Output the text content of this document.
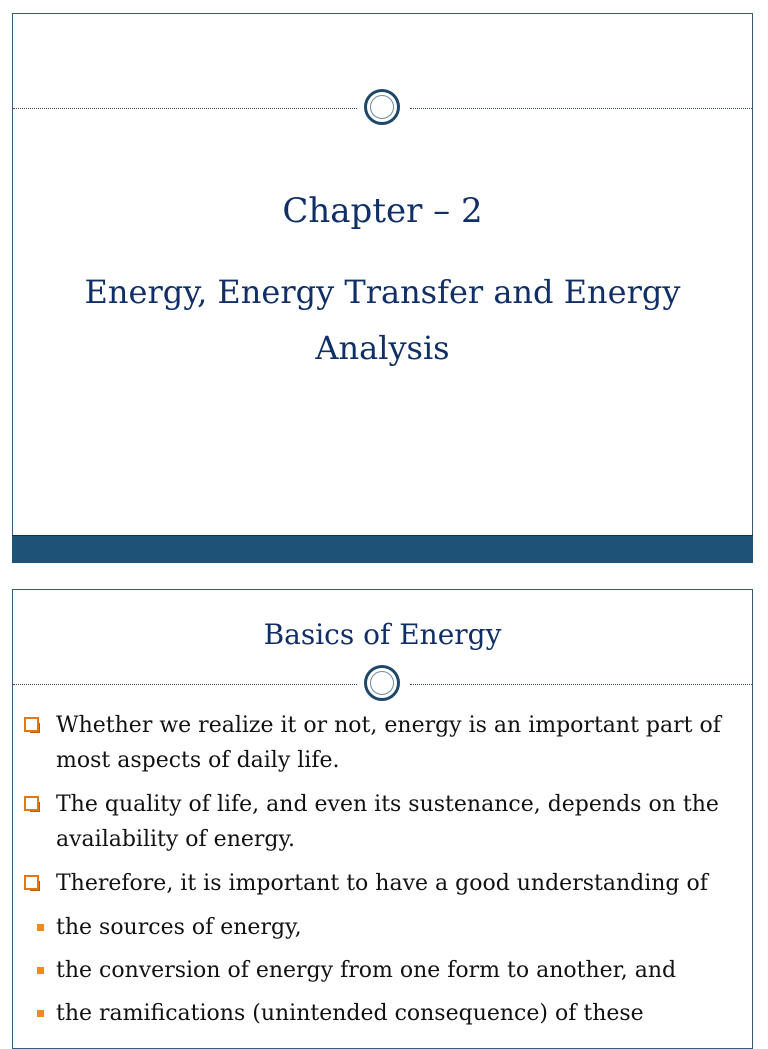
Chapter – 2
Energy, Energy Transfer and Energy Analysis
Basics of Energy
Whether we realize it or not, energy is an important part of most aspects of daily life.
The quality of life, and even its sustenance, depends on the availability of energy.
Therefore, it is important to have a good understanding of
the sources of energy,
the conversion of energy from one form to another, and
the ramifications (unintended consequence) of these
